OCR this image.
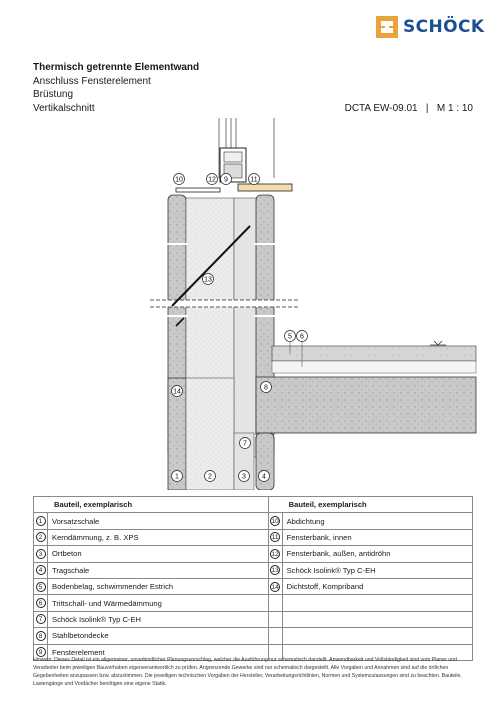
SCHÖCK
Thermisch getrennte Elementwand
Anschluss Fensterelement
Brüstung
Vertikalschnitt	DCTA EW-09.01   |   M 1 : 10
10	12 9	11
13
5 6
8
14
7
1	2	3 4
Bauteil, exemplarisch		Bauteil, exemplarisch	
1	Vorsatzschale	10	Abdichtung
2	Kerndämmung, z. B. XPS	11	Fensterbank, innen
3	Ortbeton	12	Fensterbank, außen, antidröhn
4	Tragschale	13	Schöck Isolink® Typ C-EH
5	Bodenbelag, schwimmender Estrich	14	Dichtstoff, Kompriband
6	Trittschall- und Wärmedämmung		
7	Schöck Isolink® Typ C-EH		
8	Stahlbetondecke		
9	Fensterelement		
Hinweis: Dieses Detail ist ein allgemeiner, unverbindlicher Planungsvorschlag, welcher die Ausführung nur schematisch darstellt. Anwendbarkeit und Vollständigkeit sind vom Planer und Verarbeiter beim jeweiligen Bauvorhaben eigenverantwortlich zu prüfen. Angrenzende Gewerke sind nur schematisch dargestellt. Alle Vorgaben und Annahmen sind auf die örtlichen Gegebenheiten anzupassen bzw. abzustimmen. Die jeweiligen technischen Vorgaben der Hersteller, Verarbeitungsrichtlinien, Normen und Systemzulassungen sind zu beachten. Bauteile, Lastengänge und Vordächer benötigen eine eigene Statik.
